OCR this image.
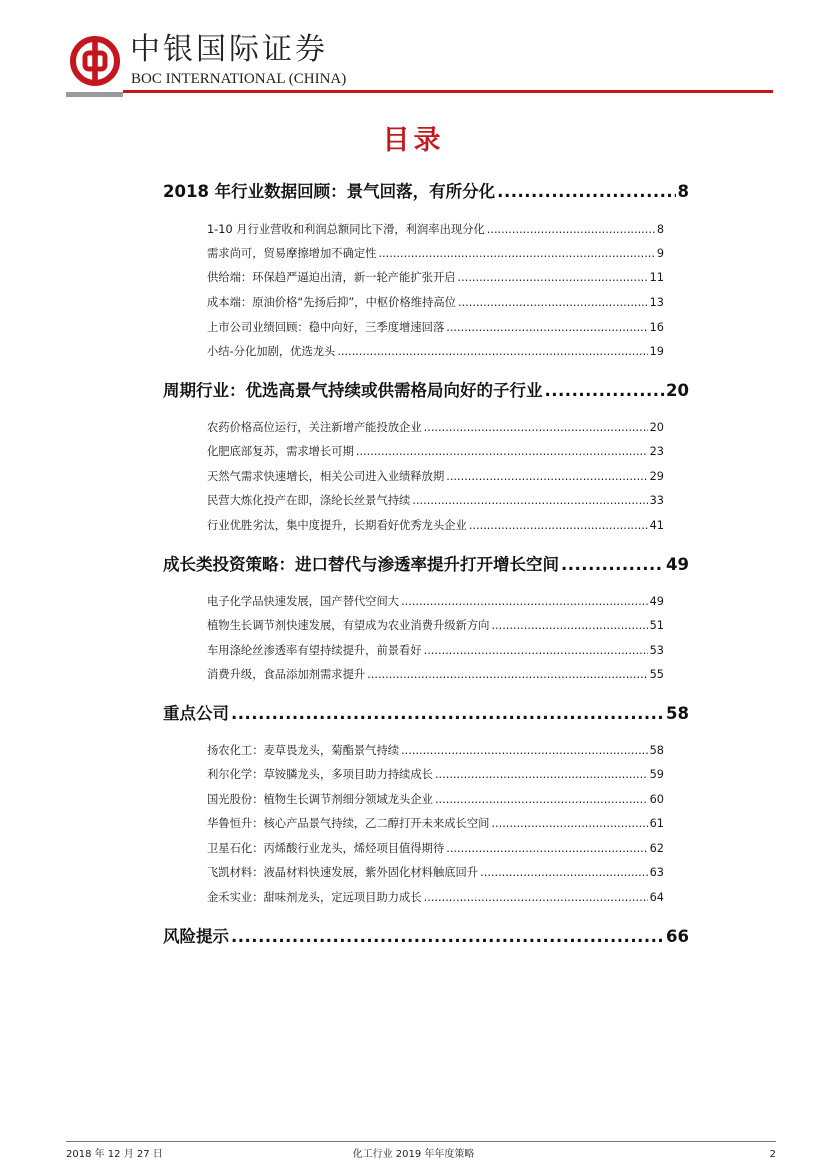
中银国际证券
BOC INTERNATIONAL (CHINA)
目录
2018 年行业数据回顾：景气回落，有所分化 .....	8
1-10 月行业营收和利润总额同比下滑，利润率出现分化 .....	8
需求尚可，贸易摩擦增加不确定性 .....	9
供给端：环保趋严逼迫出清，新一轮产能扩张开启 .....	11
成本端：原油价格“先扬后抑”，中枢价格维持高位 .....	13
上市公司业绩回顾：稳中向好，三季度增速回落 .....	16
小结-分化加剧，优选龙头 .....	19
周期行业：优选高景气持续或供需格局向好的子行业 .....	20
农药价格高位运行，关注新增产能投放企业 .....	20
化肥底部复苏，需求增长可期 .....	23
天然气需求快速增长，相关公司进入业绩释放期 .....	29
民营大炼化投产在即，涤纶长丝景气持续 .....	33
行业优胜劣汰，集中度提升，长期看好优秀龙头企业 .....	41
成长类投资策略：进口替代与渗透率提升打开增长空间 .....	49
电子化学品快速发展，国产替代空间大 .....	49
植物生长调节剂快速发展，有望成为农业消费升级新方向 .....	51
车用涤纶丝渗透率有望持续提升，前景看好 .....	53
消费升级，食品添加剂需求提升 .....	55
重点公司 .....	58
扬农化工：麦草畏龙头，菊酯景气持续 .....	58
利尔化学：草铵膦龙头，多项目助力持续成长 .....	59
国光股份：植物生长调节剂细分领域龙头企业 .....	60
华鲁恒升：核心产品景气持续，乙二醇打开未来成长空间 .....	61
卫星石化：丙烯酸行业龙头，烯烃项目值得期待 .....	62
飞凯材料：液晶材料快速发展，紫外固化材料触底回升 .....	63
金禾实业：甜味剂龙头，定远项目助力成长 .....	64
风险提示 .....	66
2018 年 12 月 27 日	化工行业 2019 年年度策略	2
